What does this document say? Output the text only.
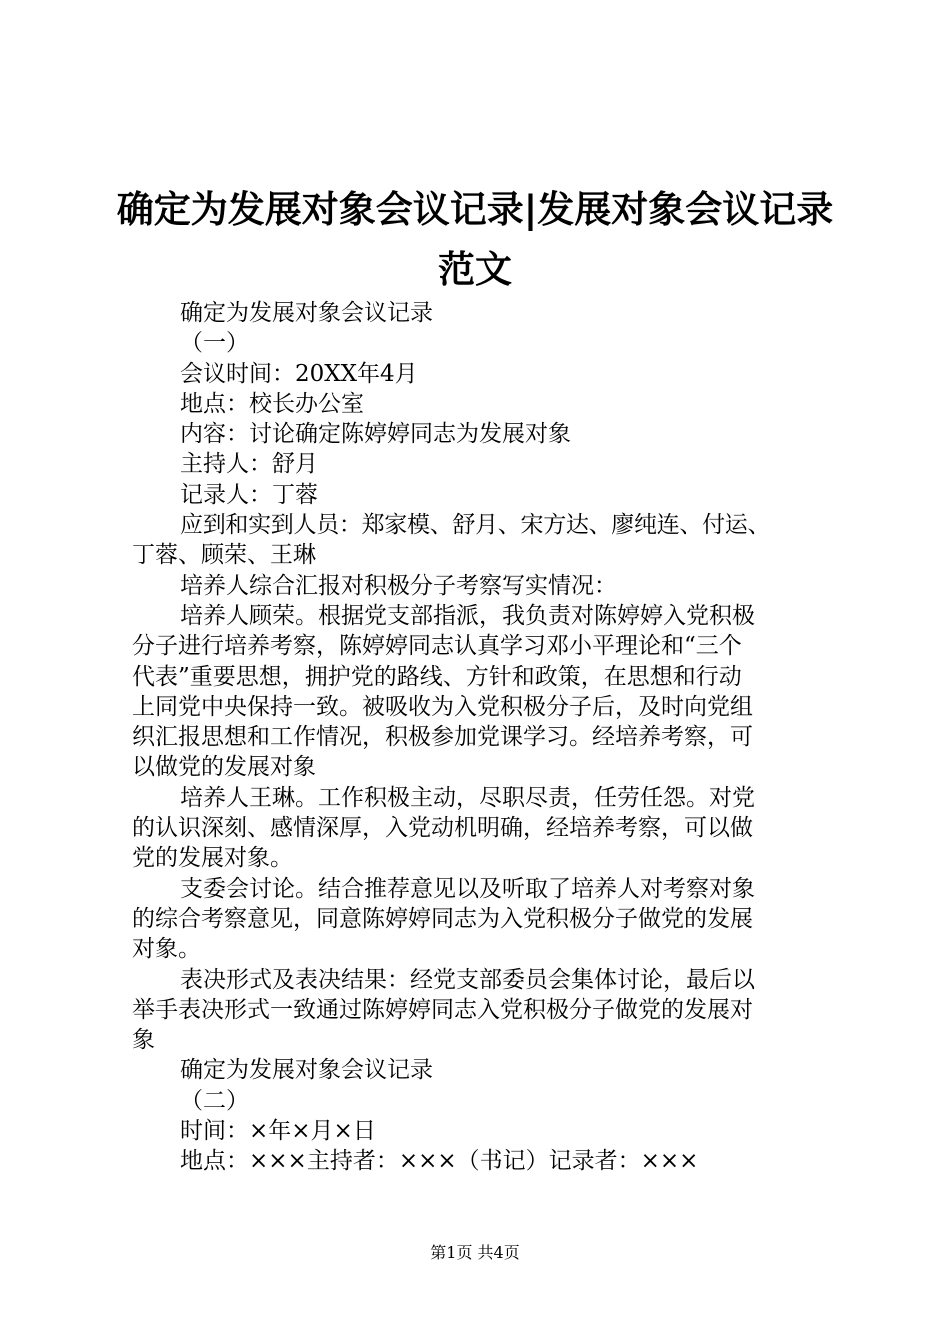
确定为发展对象会议记录|发展对象会议记录
范文
确定为发展对象会议记录
（一）
会议时间：20XX年4月
地点：校长办公室
内容：讨论确定陈婷婷同志为发展对象
主持人：舒月
记录人：丁蓉
应到和实到人员：郑家模、舒月、宋方达、廖纯连、付运、
丁蓉、顾荣、王琳
培养人综合汇报对积极分子考察写实情况：
培养人顾荣。根据党支部指派，我负责对陈婷婷入党积极
分子进行培养考察，陈婷婷同志认真学习邓小平理论和“三个
代表”重要思想，拥护党的路线、方针和政策，在思想和行动
上同党中央保持一致。被吸收为入党积极分子后，及时向党组
织汇报思想和工作情况，积极参加党课学习。经培养考察，可
以做党的发展对象
培养人王琳。工作积极主动，尽职尽责，任劳任怨。对党
的认识深刻、感情深厚，入党动机明确，经培养考察，可以做
党的发展对象。
支委会讨论。结合推荐意见以及听取了培养人对考察对象
的综合考察意见，同意陈婷婷同志为入党积极分子做党的发展
对象。
表决形式及表决结果：经党支部委员会集体讨论，最后以
举手表决形式一致通过陈婷婷同志入党积极分子做党的发展对
象
确定为发展对象会议记录
（二）
时间：×年×月×日
地点：×××主持者：×××（书记）记录者：×××
第1页 共4页
